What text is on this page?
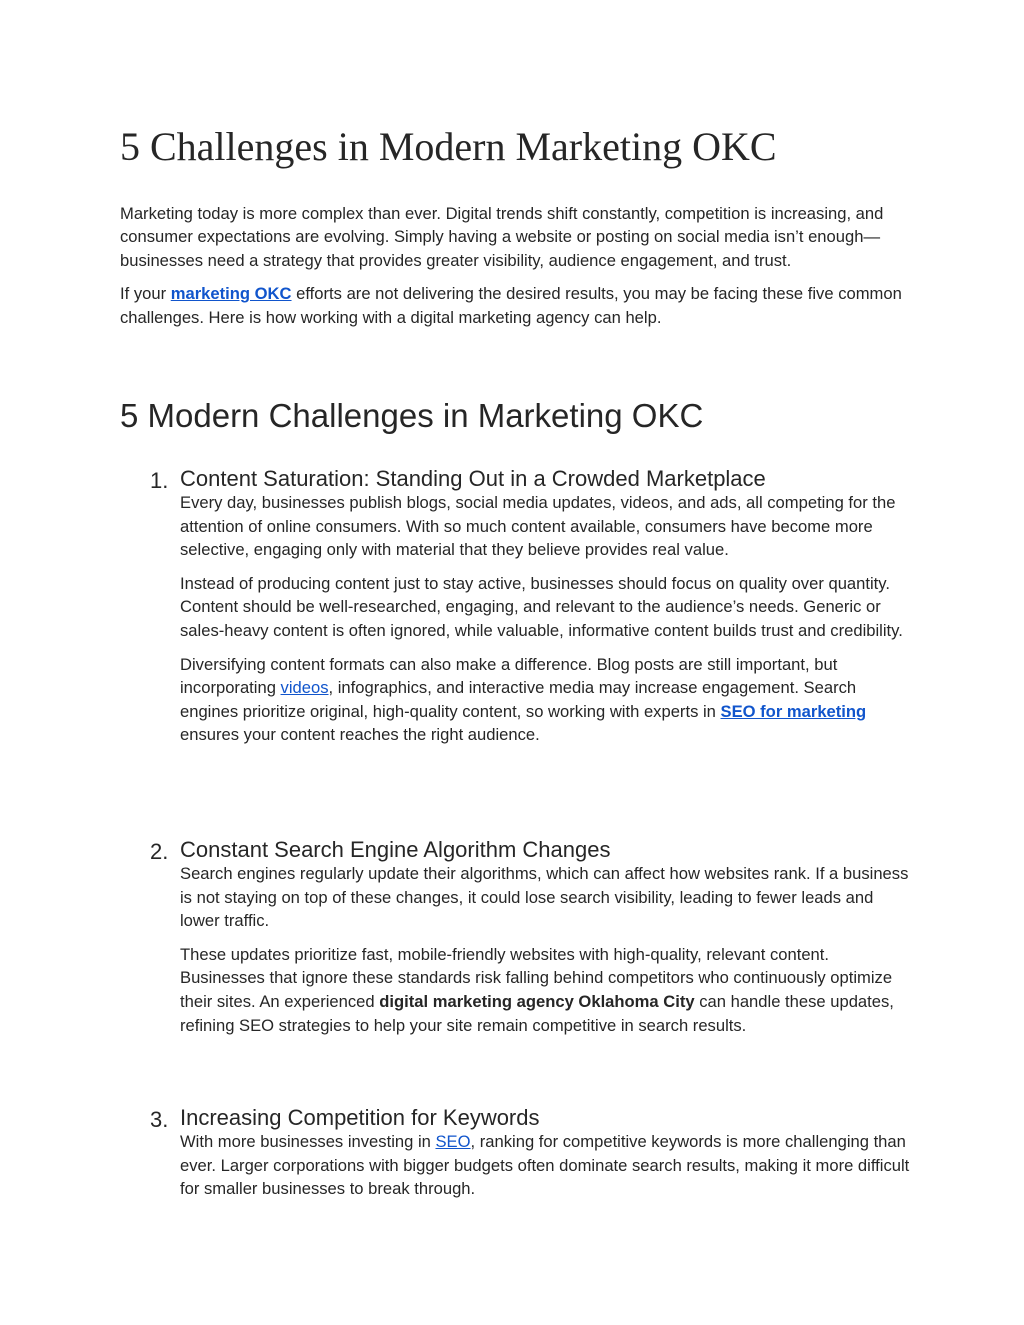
5 Challenges in Modern Marketing OKC

Marketing today is more complex than ever. Digital trends shift constantly, competition is increasing, and consumer expectations are evolving. Simply having a website or posting on social media isn’t enough—businesses need a strategy that provides greater visibility, audience engagement, and trust.

If your marketing OKC efforts are not delivering the desired results, you may be facing these five common challenges. Here is how working with a digital marketing agency can help.

5 Modern Challenges in Marketing OKC
1. Content Saturation: Standing Out in a Crowded Marketplace

Every day, businesses publish blogs, social media updates, videos, and ads, all competing for the attention of online consumers. With so much content available, consumers have become more selective, engaging only with material that they believe provides real value.

Instead of producing content just to stay active, businesses should focus on quality over quantity. Content should be well-researched, engaging, and relevant to the audience’s needs. Generic or sales-heavy content is often ignored, while valuable, informative content builds trust and credibility.

Diversifying content formats can also make a difference. Blog posts are still important, but incorporating videos, infographics, and interactive media may increase engagement. Search engines prioritize original, high-quality content, so working with experts in SEO for marketing ensures your content reaches the right audience.

2. Constant Search Engine Algorithm Changes

Search engines regularly update their algorithms, which can affect how websites rank. If a business is not staying on top of these changes, it could lose search visibility, leading to fewer leads and lower traffic.

These updates prioritize fast, mobile-friendly websites with high-quality, relevant content. Businesses that ignore these standards risk falling behind competitors who continuously optimize their sites. An experienced digital marketing agency Oklahoma City can handle these updates, refining SEO strategies to help your site remain competitive in search results.

3. Increasing Competition for Keywords

With more businesses investing in SEO, ranking for competitive keywords is more challenging than ever. Larger corporations with bigger budgets often dominate search results, making it more difficult for smaller businesses to break through.
